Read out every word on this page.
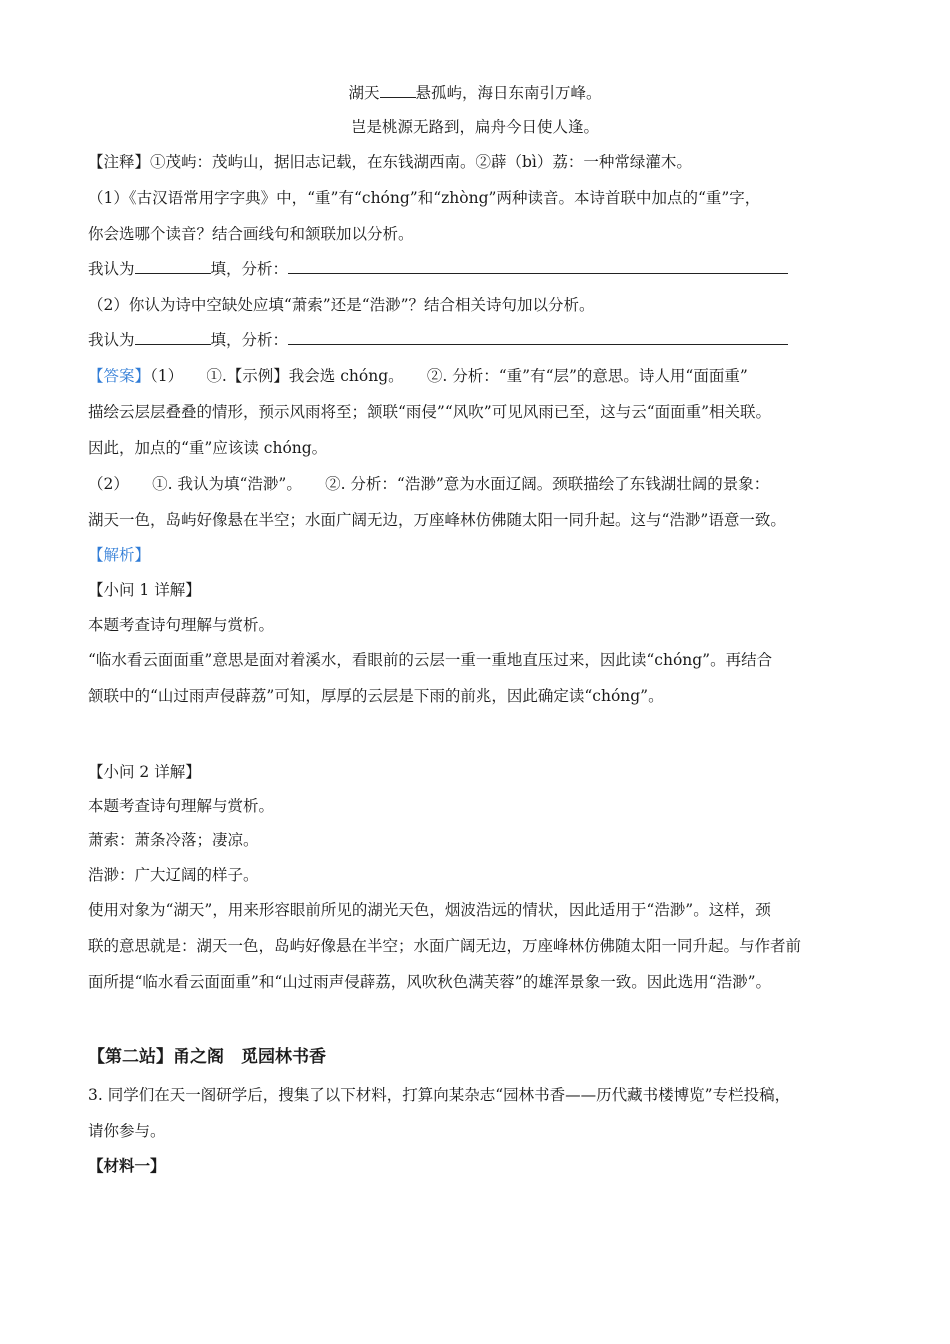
湖天 悬孤屿，海日东南引万峰。
岂是桃源无路到，扁舟今日使人逢。
【注释】①茂屿：茂屿山，据旧志记载，在东钱湖西南。②薜（bì）荔：一种常绿灌木。
（1）《古汉语常用字字典》中，“重”有“chóng”和“zhòng”两种读音。本诗首联中加点的“重”字，
你会选哪个读音？结合画线句和颔联加以分析。
我认为	填，分析：
（2）你认为诗中空缺处应填“萧索”还是“浩渺”？结合相关诗句加以分析。
我认为	填，分析：
【答案】（1）　　①.【示例】我会选 chóng。　　②. 分析：“重”有“层”的意思。诗人用“面面重”
描绘云层层叠叠的情形，预示风雨将至；颔联“雨侵”“风吹”可见风雨已至，这与云“面面重”相关联。
因此，加点的“重”应该读 chóng。
（2）　　①. 我认为填“浩渺”。　　②. 分析：“浩渺”意为水面辽阔。颈联描绘了东钱湖壮阔的景象：
湖天一色，岛屿好像悬在半空；水面广阔无边，万座峰林仿佛随太阳一同升起。这与“浩渺”语意一致。
【解析】
【小问 1 详解】
本题考查诗句理解与赏析。
“临水看云面面重”意思是面对着溪水，看眼前的云层一重一重地直压过来，因此读“chóng”。再结合
颔联中的“山过雨声侵薜荔”可知，厚厚的云层是下雨的前兆，因此确定读“chóng”。
【小问 2 详解】
本题考查诗句理解与赏析。
萧索：萧条冷落；凄凉。
浩渺：广大辽阔的样子。
使用对象为“湖天”，用来形容眼前所见的湖光天色，烟波浩远的情状，因此适用于“浩渺”。这样，颈
联的意思就是：湖天一色，岛屿好像悬在半空；水面广阔无边，万座峰林仿佛随太阳一同升起。与作者前
面所提“临水看云面面重”和“山过雨声侵薜荔，风吹秋色满芙蓉”的雄浑景象一致。因此选用“浩渺”。
【第二站】甬之阁　觅园林书香
3. 同学们在天一阁研学后，搜集了以下材料，打算向某杂志“园林书香——历代藏书楼博览”专栏投稿，
请你参与。
【材料一】
